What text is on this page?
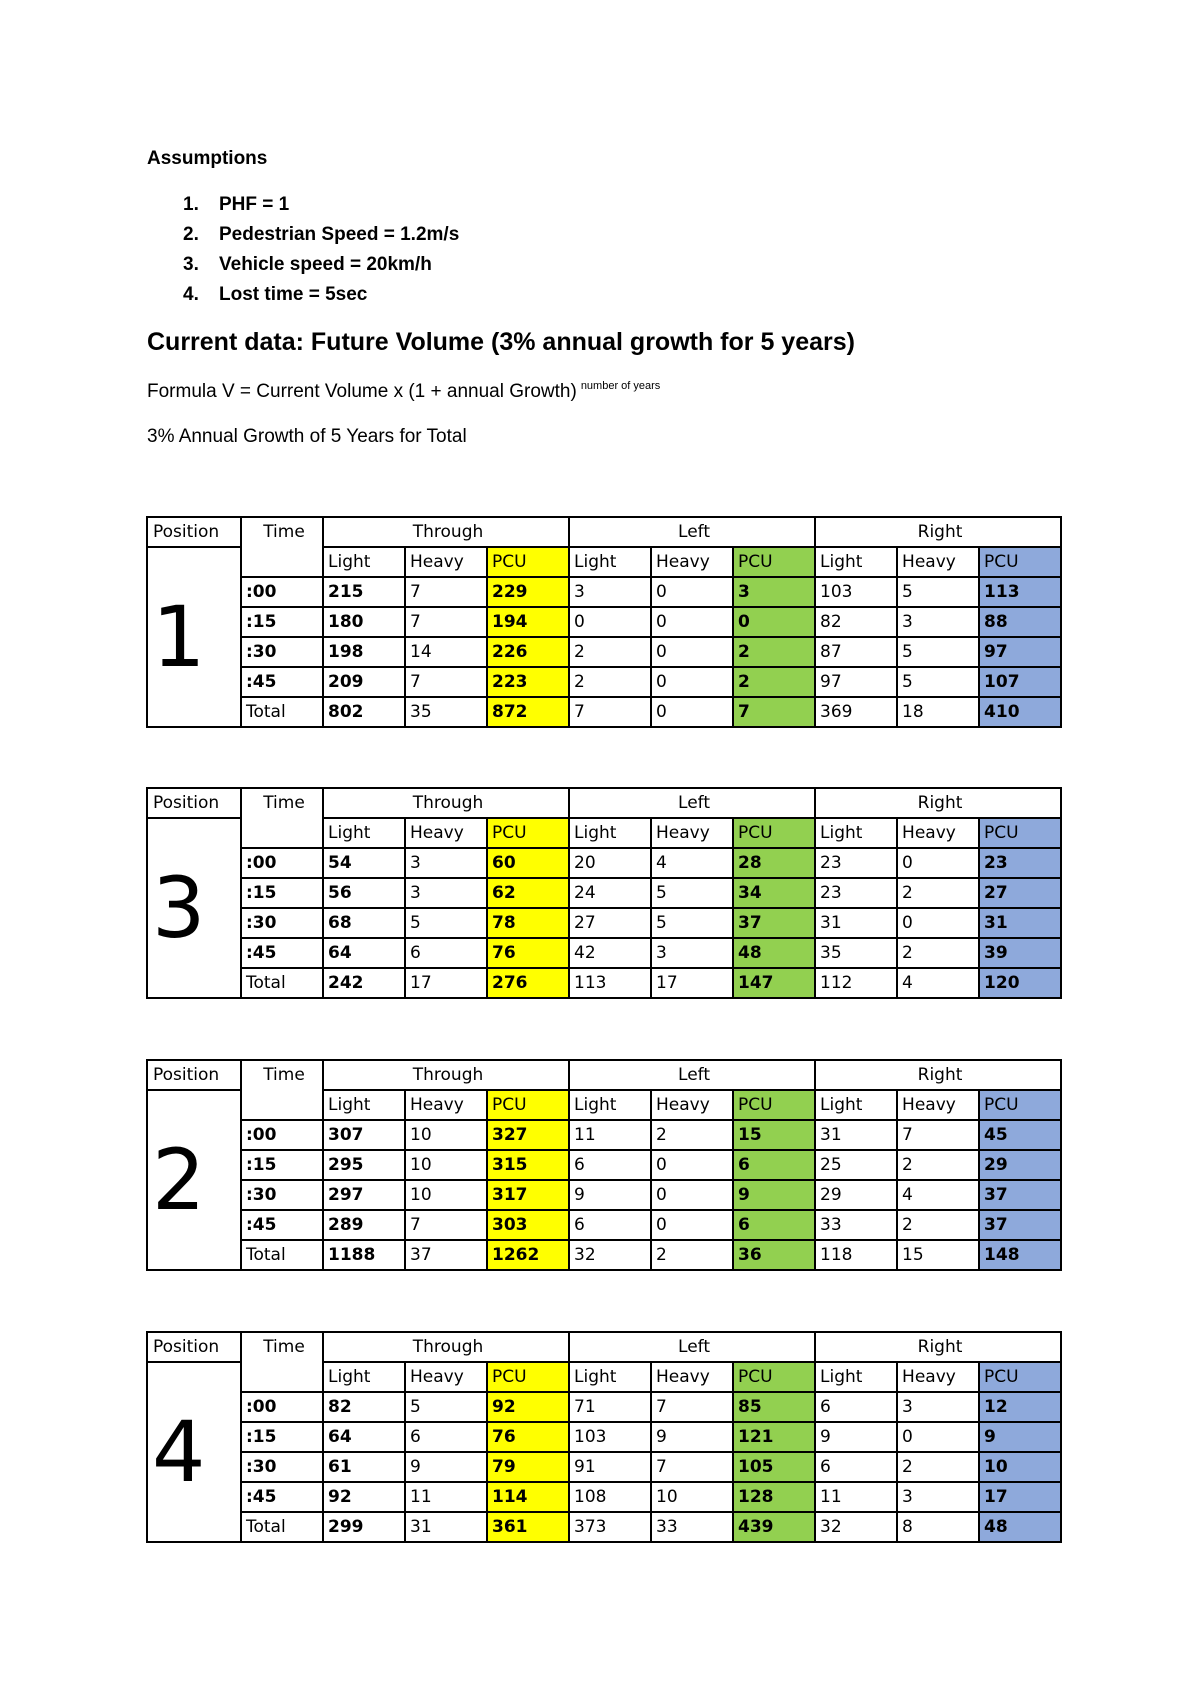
Assumptions
1. PHF = 1
2. Pedestrian Speed = 1.2m/s
3. Vehicle speed = 20km/h
4. Lost time = 5sec
Current data: Future Volume (3% annual growth for 5 years)
Formula V = Current Volume x (1 + annual Growth) $^{number of years}$
3% Annual Growth of 5 Years for Total
Position	Time	Through			Left			Right		
1		Light	Heavy	PCU	Light	Heavy	PCU	Light	Heavy	PCU
	:00	215	7	229	3	0	3	103	5	113
	:15	180	7	194	0	0	0	82	3	88
	:30	198	14	226	2	0	2	87	5	97
	:45	209	7	223	2	0	2	97	5	107
	Total	802	35	872	7	0	7	369	18	410
Position	Time	Through			Left			Right		
3		Light	Heavy	PCU	Light	Heavy	PCU	Light	Heavy	PCU
	:00	54	3	60	20	4	28	23	0	23
	:15	56	3	62	24	5	34	23	2	27
	:30	68	5	78	27	5	37	31	0	31
	:45	64	6	76	42	3	48	35	2	39
	Total	242	17	276	113	17	147	112	4	120
Position	Time	Through			Left			Right		
2		Light	Heavy	PCU	Light	Heavy	PCU	Light	Heavy	PCU
	:00	307	10	327	11	2	15	31	7	45
	:15	295	10	315	6	0	6	25	2	29
	:30	297	10	317	9	0	9	29	4	37
	:45	289	7	303	6	0	6	33	2	37
	Total	1188	37	1262	32	2	36	118	15	148
Position	Time	Through			Left			Right		
4		Light	Heavy	PCU	Light	Heavy	PCU	Light	Heavy	PCU
	:00	82	5	92	71	7	85	6	3	12
	:15	64	6	76	103	9	121	9	0	9
	:30	61	9	79	91	7	105	6	2	10
	:45	92	11	114	108	10	128	11	3	17
	Total	299	31	361	373	33	439	32	8	48
